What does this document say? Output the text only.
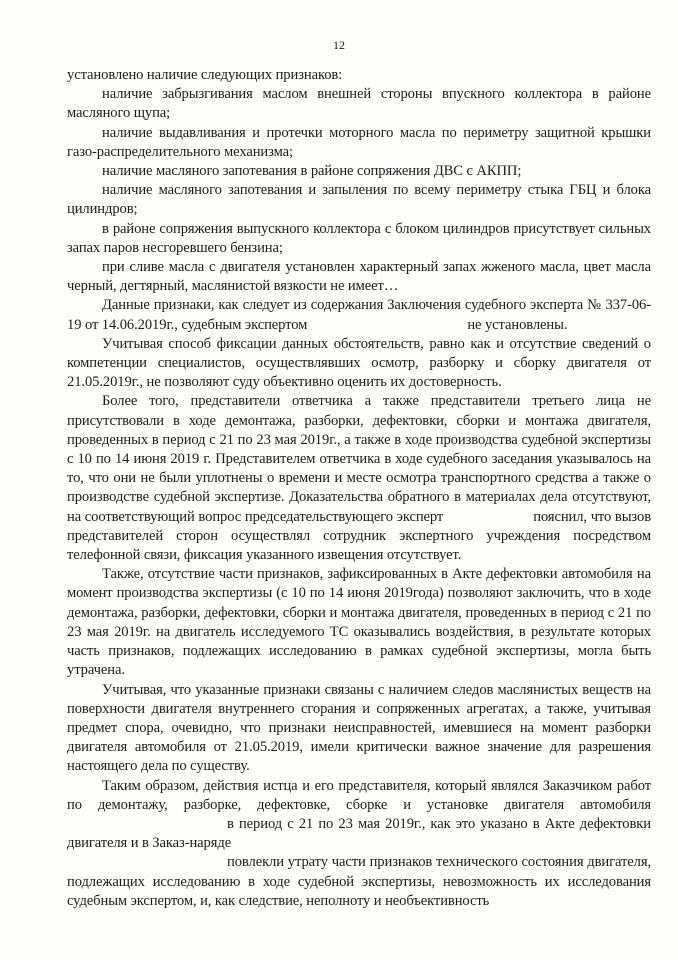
12

установлено наличие следующих признаков:

наличие забрызгивания маслом внешней стороны впускного коллектора в районе масляного щупа;

наличие выдавливания и протечки моторного масла по периметру защитной крышки газо-распределительного механизма;

наличие масляного запотевания в районе сопряжения ДВС с АКПП;

наличие масляного запотевания и запыления по всему периметру стыка ГБЦ и блока цилиндров;

в районе сопряжения выпускного коллектора с блоком цилиндров присутствует сильных запах паров несгоревшего бензина;

при сливе масла с двигателя установлен характерный запах жженого масла, цвет масла черный, дегтярный, маслянистой вязкости не имеет…

Данные признаки, как следует из содержания Заключения судебного эксперта № 337-06-19 от 14.06.2019г., судебным экспертом	не установлены.

Учитывая способ фиксации данных обстоятельств, равно как и отсутствие сведений о компетенции специалистов, осуществлявших осмотр, разборку и сборку двигателя от 21.05.2019г., не позволяют суду объективно оценить их достоверность.

Более того, представители ответчика а также представители третьего лица не присутствовали в ходе демонтажа, разборки, дефектовки, сборки и монтажа двигателя, проведенных в период с 21 по 23 мая 2019г., а также в ходе производства судебной экспертизы с 10 по 14 июня 2019 г. Представителем ответчика в ходе судебного заседания указывалось на то, что они не были уплотнены о времени и месте осмотра транспортного средства а также о производстве судебной экспертизе. Доказательства обратного в материалах дела отсутствуют, на соответствующий вопрос председательствующего эксперт	пояснил, что вызов представителей сторон осуществлял сотрудник экспертного учреждения посредством телефонной связи, фиксация указанного извещения отсутствует.

Также, отсутствие части признаков, зафиксированных в Акте дефектовки автомобиля на момент производства экспертизы (с 10 по 14 июня 2019года) позволяют заключить, что в ходе демонтажа, разборки, дефектовки, сборки и монтажа двигателя, проведенных в период с 21 по 23 мая 2019г. на двигатель исследуемого ТС оказывались воздействия, в результате которых часть признаков, подлежащих исследованию в рамках судебной экспертизы, могла быть утрачена.

Учитывая, что указанные признаки связаны с наличием следов маслянистых веществ на поверхности двигателя внутреннего сгорания и сопряженных агрегатах, а также, учитывая предмет спора, очевидно, что признаки неисправностей, имевшиеся на момент разборки двигателя автомобиля от 21.05.2019, имели критически важное значение для разрешения настоящего дела по существу.

Таким образом, действия истца и его представителя, который являлся Заказчиком работ по демонтажу, разборке, дефектовке, сборке и установке двигателя автомобиляв период с 21 по 23 мая 2019г., как это указано в Акте дефектовки двигателя и в Заказ-наряде

повлекли утрату части признаков технического состояния двигателя, подлежащих исследованию в ходе судебной экспертизы, невозможность их исследования судебным экспертом, и, как следствие, неполноту и необъективность
